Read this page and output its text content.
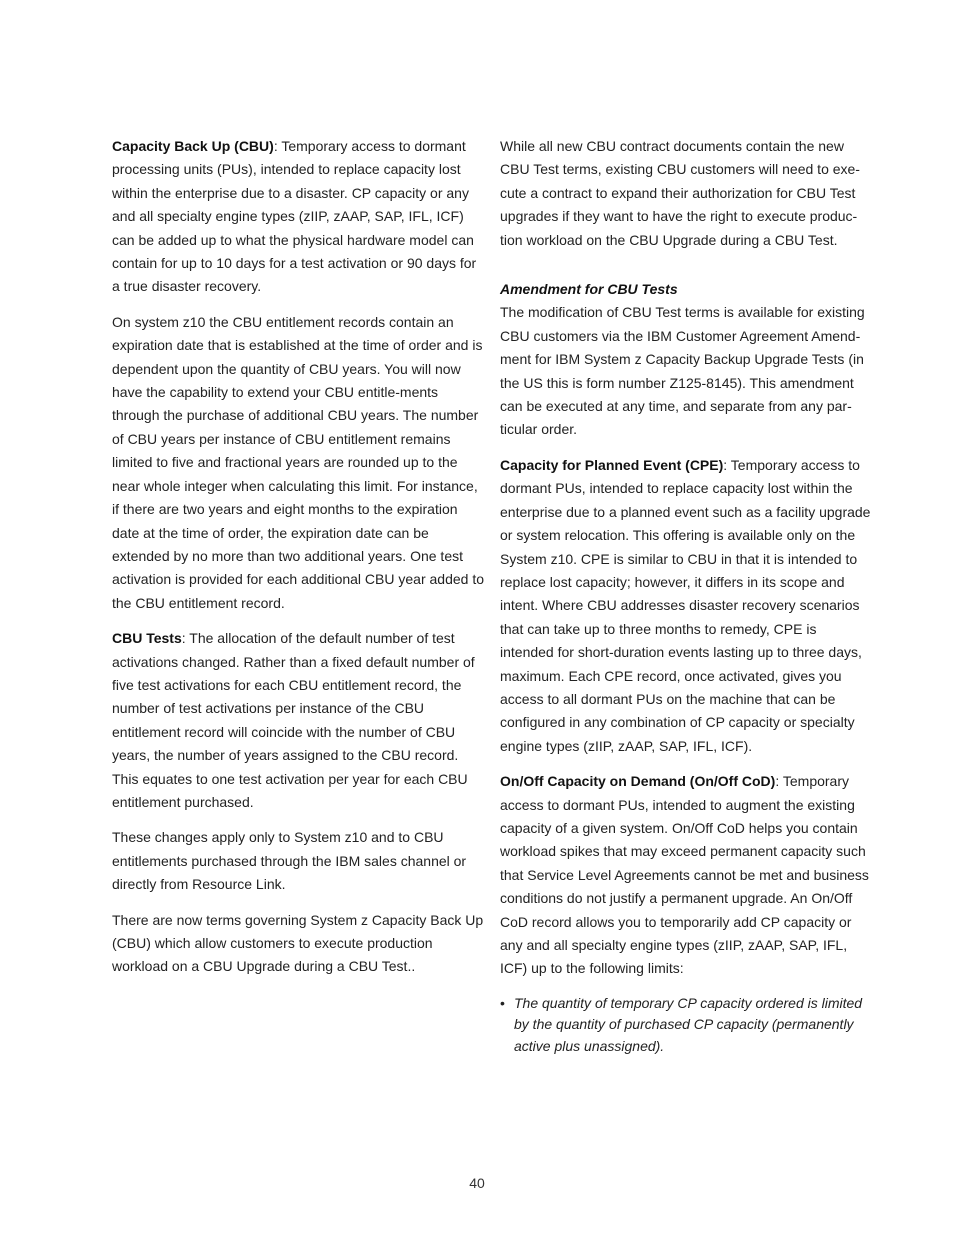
Capacity Back Up (CBU): Temporary access to dormant processing units (PUs), intended to replace capacity lost within the enterprise due to a disaster. CP capacity or any and all specialty engine types (zIIP, zAAP, SAP, IFL, ICF) can be added up to what the physical hardware model can contain for up to 10 days for a test activation or 90 days for a true disaster recovery.

On system z10 the CBU entitlement records contain an expiration date that is established at the time of order and is dependent upon the quantity of CBU years. You will now have the capability to extend your CBU entitle-ments through the purchase of additional CBU years. The number of CBU years per instance of CBU entitlement remains limited to five and fractional years are rounded up to the near whole integer when calculating this limit. For instance, if there are two years and eight months to the expiration date at the time of order, the expiration date can be extended by no more than two additional years. One test activation is provided for each additional CBU year added to the CBU entitlement record.

CBU Tests: The allocation of the default number of test activations changed. Rather than a fixed default number of five test activations for each CBU entitlement record, the number of test activations per instance of the CBU entitlement record will coincide with the number of CBU years, the number of years assigned to the CBU record. This equates to one test activation per year for each CBU entitlement purchased.

These changes apply only to System z10 and to CBU entitlements purchased through the IBM sales channel or directly from Resource Link.

There are now terms governing System z Capacity Back Up (CBU) which allow customers to execute production workload on a CBU Upgrade during a CBU Test..

While all new CBU contract documents contain the new CBU Test terms, existing CBU customers will need to exe-cute a contract to expand their authorization for CBU Test upgrades if they want to have the right to execute produc-tion workload on the CBU Upgrade during a CBU Test.

Amendment for CBU Tests

The modification of CBU Test terms is available for existing CBU customers via the IBM Customer Agreement Amend-ment for IBM System z Capacity Backup Upgrade Tests (in the US this is form number Z125-8145). This amendment can be executed at any time, and separate from any par-ticular order.

Capacity for Planned Event (CPE): Temporary access to dormant PUs, intended to replace capacity lost within the enterprise due to a planned event such as a facility upgrade or system relocation. This offering is available only on the System z10. CPE is similar to CBU in that it is intended to replace lost capacity; however, it differs in its scope and intent. Where CBU addresses disaster recovery scenarios that can take up to three months to remedy, CPE is intended for short-duration events lasting up to three days, maximum. Each CPE record, once activated, gives you access to all dormant PUs on the machine that can be configured in any combination of CP capacity or specialty engine types (zIIP, zAAP, SAP, IFL, ICF).

On/Off Capacity on Demand (On/Off CoD): Temporary access to dormant PUs, intended to augment the existing capacity of a given system. On/Off CoD helps you contain workload spikes that may exceed permanent capacity such that Service Level Agreements cannot be met and business conditions do not justify a permanent upgrade. An On/Off CoD record allows you to temporarily add CP capacity or any and all specialty engine types (zIIP, zAAP, SAP, IFL, ICF) up to the following limits:

• The quantity of temporary CP capacity ordered is limited by the quantity of purchased CP capacity (permanently active plus unassigned).
40
